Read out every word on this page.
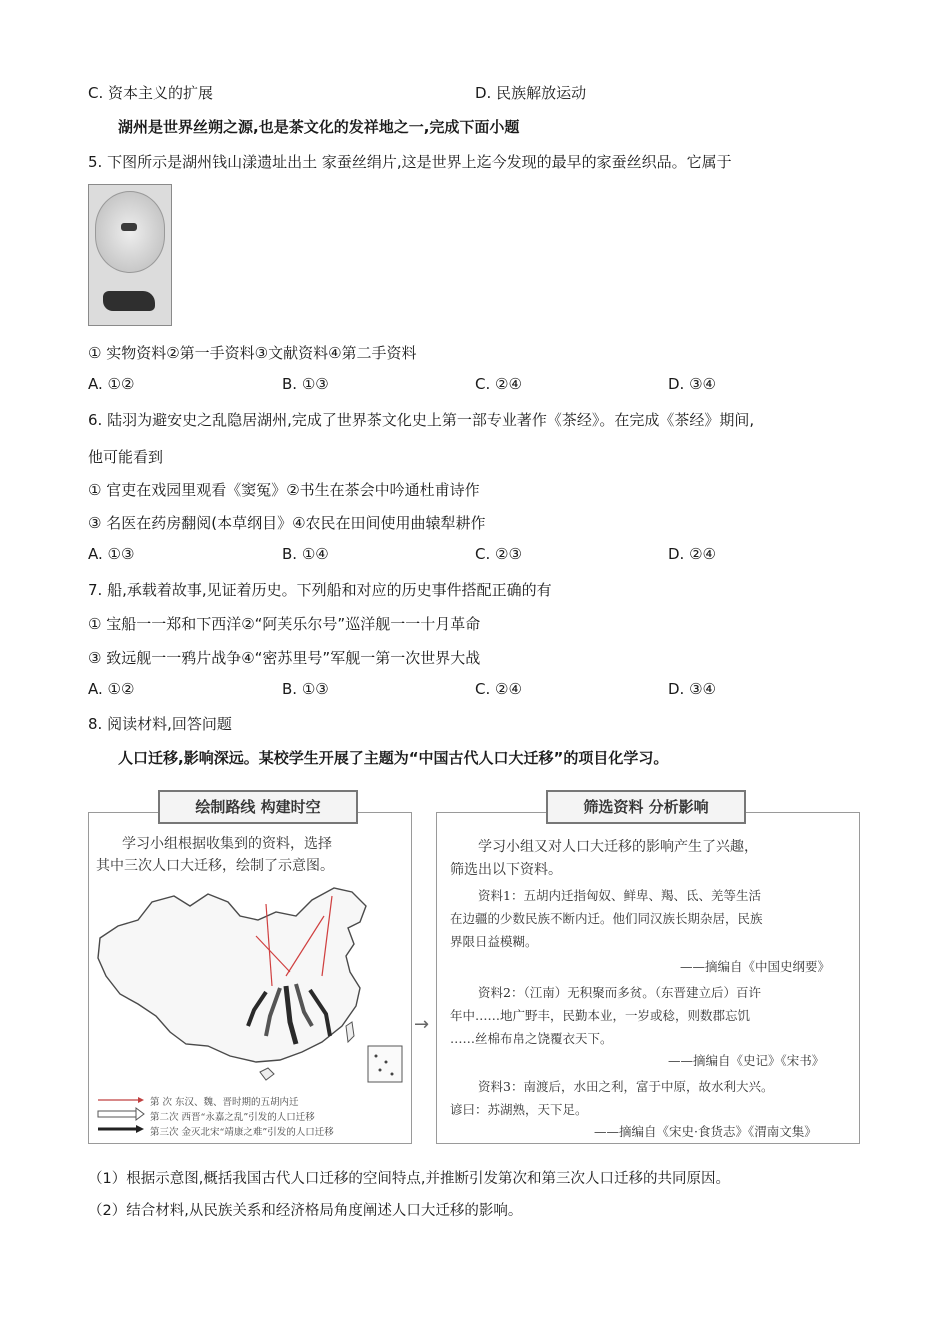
C. 资本主义的扩展	D. 民族解放运动
湖州是世界丝朔之源,也是茶文化的发祥地之一,完成下面小题
5. 下图所示是湖州钱山漾遗址出土 家蚕丝绢片,这是世界上迄今发现的最早的家蚕丝织品。它属于
① 实物资料②第一手资料③文献资料④第二手资料
A. ①②	B. ①③	C. ②④	D. ③④
6. 陆羽为避安史之乱隐居湖州,完成了世界茶文化史上第一部专业著作《茶经》。在完成《茶经》期间,
他可能看到
① 官吏在戏园里观看《窦冤》②书生在茶会中吟通杜甫诗作
③ 名医在药房翻阅(本草纲目》④农民在田间使用曲辕犁耕作
A. ①③	B. ①④	C. ②③	D. ②④
7. 船,承载着故事,见证着历史。下列船和对应的历史事件搭配正确的有
① 宝船一一郑和下西洋②“阿芙乐尔号”巡洋舰一一十月革命
③ 致远舰一一鸦片战争④“密苏里号”军舰一第一次世界大战
A. ①②	B. ①③	C. ②④	D. ③④
8. 阅读材料,回答问题
人口迁移,影响深远。某校学生开展了主题为“中国古代人口大迁移”的项目化学习。
绘制路线 构建时空
学习小组根据收集到的资料，选择
其中三次人口大迁移，绘制了示意图。
第 次 东汉、魏、晋时期的五胡内迁
第二次 西晋“永嘉之乱”引发的人口迁移
第三次 金灭北宋“靖康之难”引发的人口迁移
→
筛选资料 分析影响
学习小组又对人口大迁移的影响产生了兴趣，
筛选出以下资料。
资料1：五胡内迁指匈奴、鲜卑、羯、氐、羌等生活
在边疆的少数民族不断内迁。他们同汉族长期杂居，民族
界限日益模糊。
——摘编自《中国史纲要》
资料2：（江南）无积聚而多贫。（东晋建立后）百许
年中……地广野丰，民勤本业，一岁或稔，则数郡忘饥
……丝棉布帛之饶覆衣天下。
——摘编自《史记》《宋书》
资料3：南渡后，水田之利，富于中原，故水利大兴。
谚曰：苏湖熟，天下足。
——摘编自《宋史·食货志》《渭南文集》
（1）根据示意图,概括我国古代人口迁移的空间特点,并推断引发第次和第三次人口迁移的共同原因。
（2）结合材料,从民族关系和经济格局角度阐述人口大迁移的影响。
